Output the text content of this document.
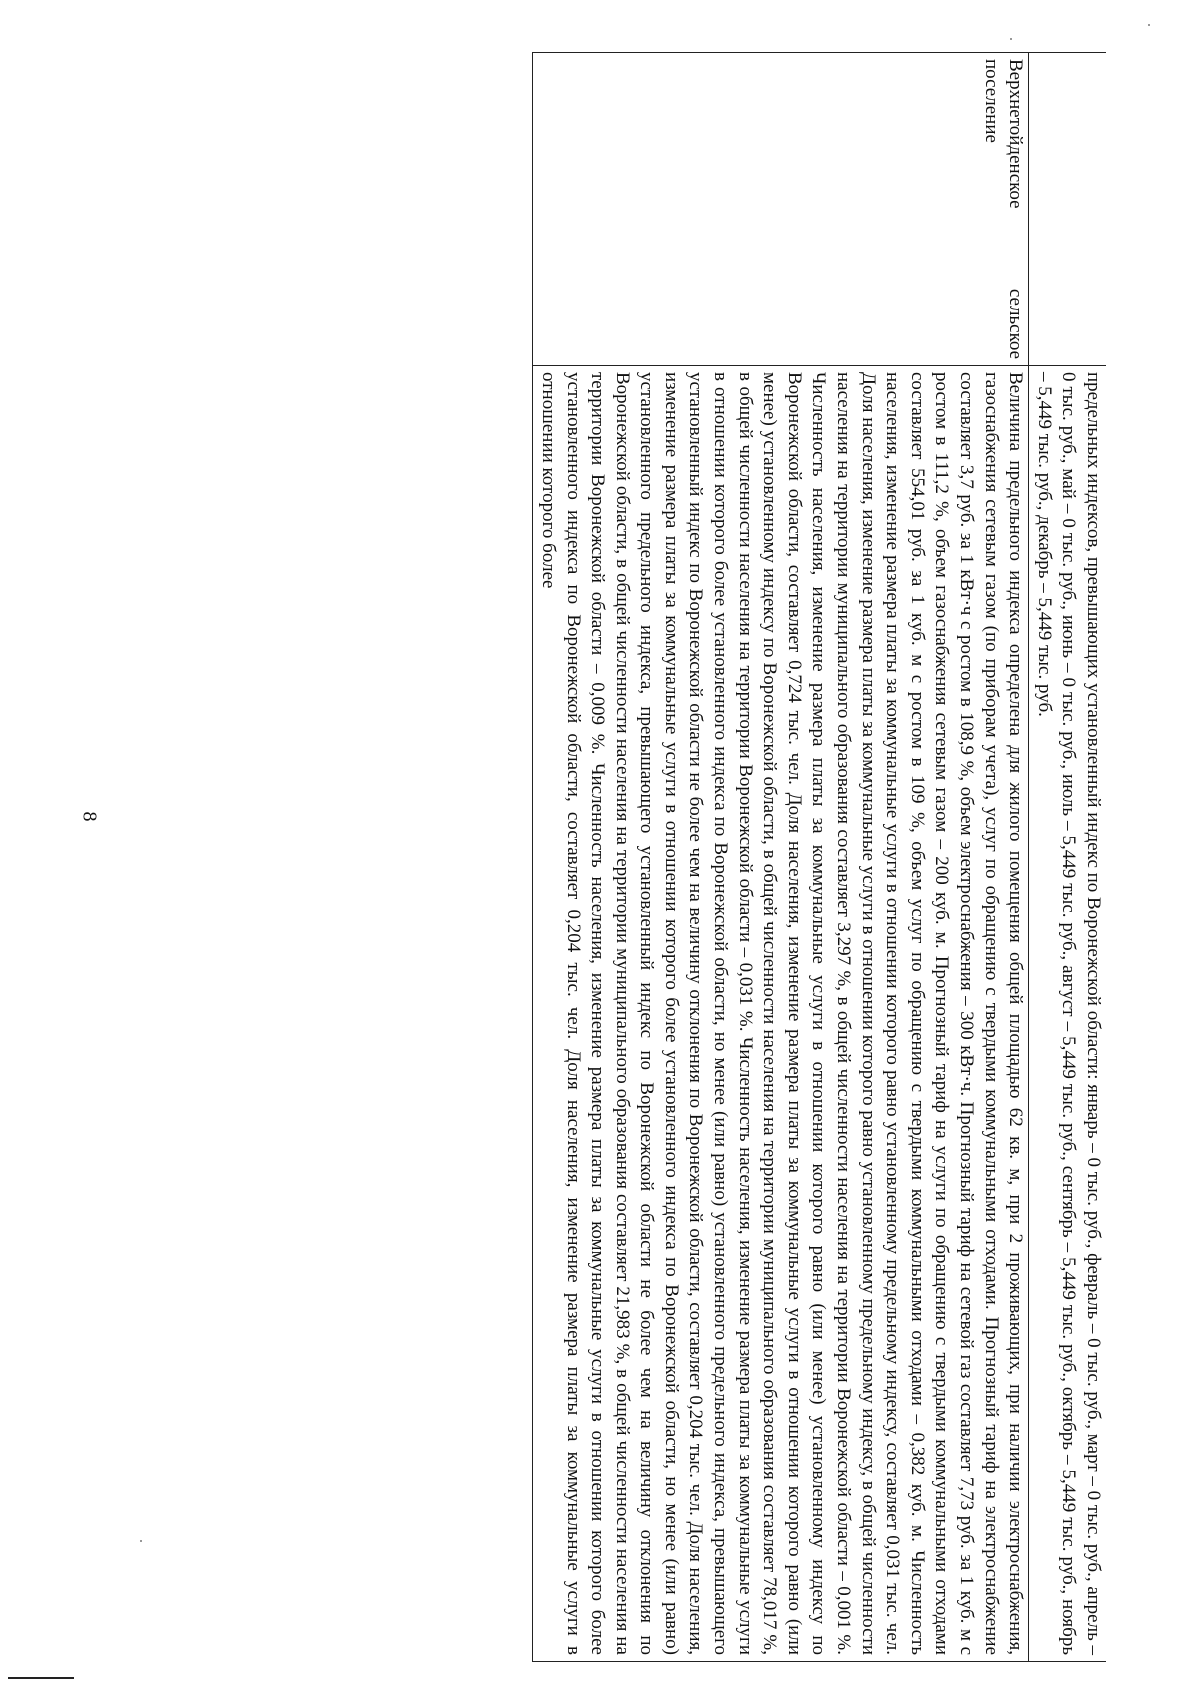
8
		предельных индексов, превышающих установленный индекс по Воронежской области: январь – 0 тыс. руб., февраль – 0 тыс. руб., март – 0 тыс. руб., апрель – 0 тыс. руб., май – 0 тыс. руб., июнь – 0 тыс. руб., июль – 5,449 тыс. руб., август – 5,449 тыс. руб., сентябрь – 5,449 тыс. руб., октябрь – 5,449 тыс. руб., ноябрь – 5,449 тыс. руб., декабрь – 5,449 тыс. руб.
Верхнетойденское сельское поселение	Величина предельного индекса определена для жилого помещения общей площадью 62 кв. м, при 2 проживающих, при наличии электроснабжения, газоснабжения сетевым газом (по приборам учета), услуг по обращению с твердыми коммунальными отходами. Прогнозный тариф на электроснабжение составляет 3,7 руб. за 1 кВт·ч с ростом в 108,9 %, объем электроснабжения – 300 кВт·ч. Прогнозный тариф на сетевой газ составляет 7,73 руб. за 1 куб. м с ростом в 111,2 %, объем газоснабжения сетевым газом – 200 куб. м. Прогнозный тариф на услуги по обращению с твердыми коммунальными отходами составляет 554,01 руб. за 1 куб. м с ростом в 109 %, объем услуг по обращению с твердыми коммунальными отходами – 0,382 куб. м. Численность населения, изменение размера платы за коммунальные услуги в отношении которого равно установленному предельному индексу, составляет 0,031 тыс. чел. Доля населения, изменение размера платы за коммунальные услуги в отношении которого равно установленному предельному индексу, в общей численности населения на территории муниципального образования составляет 3,297 %, в общей численности населения на территории Воронежской области – 0,001 %. Численность населения, изменение размера платы за коммунальные услуги в отношении которого равно (или менее) установленному индексу по Воронежской области, составляет 0,724 тыс. чел. Доля населения, изменение размера платы за коммунальные услуги в отношении которого равно (или менее) установленному индексу по Воронежской области, в общей численности населения на территории муниципального образования составляет 78,017 %, в общей численности населения на территории Воронежской области – 0,031 %. Численность населения, изменение размера платы за коммунальные услуги в отношении которого более установленного индекса по Воронежской области, но менее (или равно) установленного предельного индекса, превышающего установленный индекс по Воронежской области не более чем на величину отклонения по Воронежской области, составляет 0,204 тыс. чел. Доля населения, изменение размера платы за коммунальные услуги в отношении которого более установленного индекса по Воронежской области, но менее (или равно) установленного предельного индекса, превышающего установленный индекс по Воронежской области не более чем на величину отклонения по Воронежской области, в общей численности населения на территории муниципального образования составляет 21,983 %, в общей численности населения на территории Воронежской области – 0,009 %. Численность населения, изменение размера платы за коммунальные услуги в отношении которого более установленного индекса по Воронежской области, составляет 0,204 тыс. чел. Доля населения, изменение размера платы за коммунальные услуги в отношении которого более
